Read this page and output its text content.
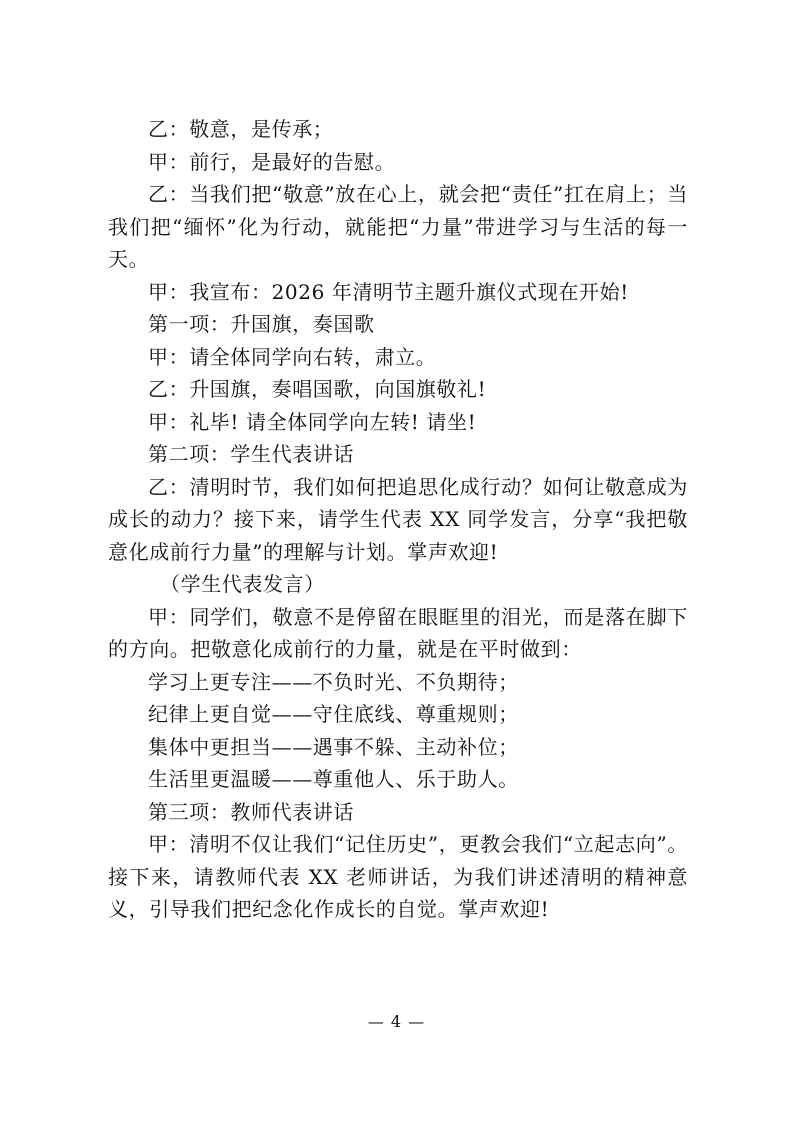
乙：敬意，是传承；

甲：前行，是最好的告慰。

乙：当我们把“敬意”放在心上，就会把“责任”扛在肩上；当我们把“缅怀”化为行动，就能把“力量”带进学习与生活的每一天。

甲：我宣布：2026 年清明节主题升旗仪式现在开始!

第一项：升国旗，奏国歌

甲：请全体同学向右转，肃立。

乙：升国旗，奏唱国歌，向国旗敬礼!

甲：礼毕! 请全体同学向左转! 请坐!

第二项：学生代表讲话

乙：清明时节，我们如何把追思化成行动？如何让敬意成为成长的动力？接下来，请学生代表 XX 同学发言，分享“我把敬意化成前行力量”的理解与计划。掌声欢迎!

（学生代表发言）

甲：同学们，敬意不是停留在眼眶里的泪光，而是落在脚下的方向。把敬意化成前行的力量，就是在平时做到：

学习上更专注——不负时光、不负期待；

纪律上更自觉——守住底线、尊重规则；

集体中更担当——遇事不躲、主动补位；

生活里更温暖——尊重他人、乐于助人。

第三项：教师代表讲话

甲：清明不仅让我们“记住历史”，更教会我们“立起志向”。接下来，请教师代表 XX 老师讲话，为我们讲述清明的精神意义，引导我们把纪念化作成长的自觉。掌声欢迎!

— 4 —
